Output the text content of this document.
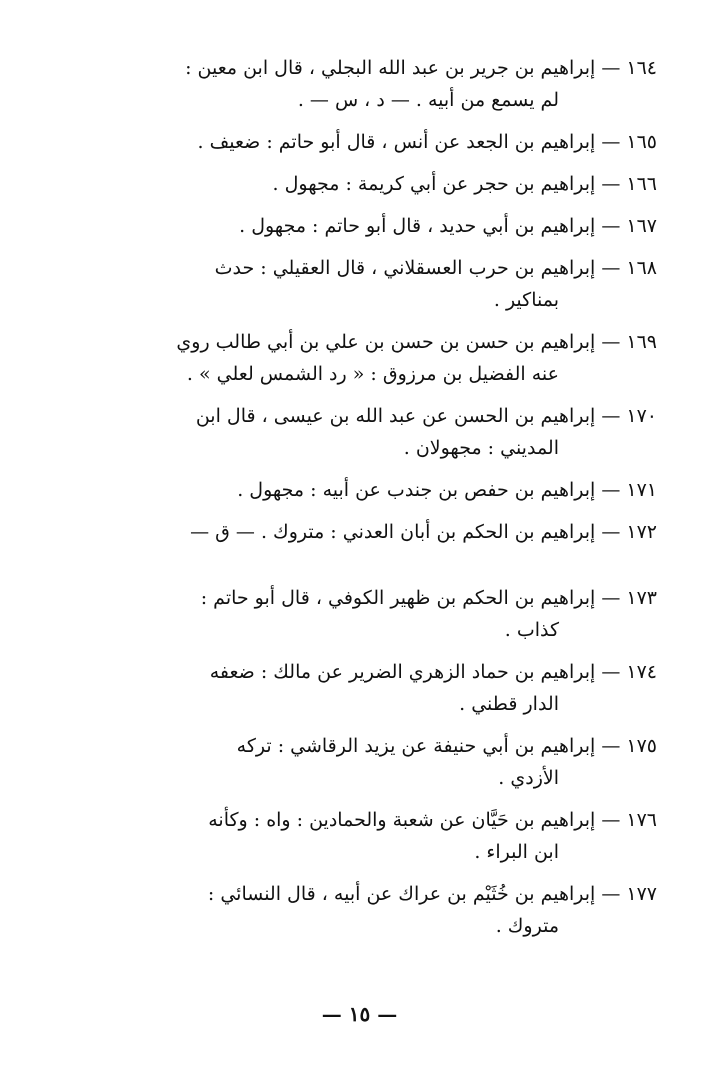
١٦٤ — إبراهيم بن جرير بن عبد الله البجلي ، قال ابن معين :
لم يسمع من أبيه . — د ، س — .
١٦٥ — إبراهيم بن الجعد عن أنس ، قال أبو حاتم : ضعيف .
١٦٦ — إبراهيم بن حجر عن أبي كريمة : مجهول .
١٦٧ — إبراهيم بن أبي حديد ، قال أبو حاتم : مجهول .
١٦٨ — إبراهيم بن حرب العسقلاني ، قال العقيلي : حدث
بمناكير .
١٦٩ — إبراهيم بن حسن بن حسن بن علي بن أبي طالب روي
عنه الفضيل بن مرزوق : « رد الشمس لعلي » .
١٧٠ — إبراهيم بن الحسن عن عبد الله بن عيسى ، قال ابن
المديني : مجهولان .
١٧١ — إبراهيم بن حفص بن جندب عن أبيه : مجهول .
١٧٢ — إبراهيم بن الحكم بن أبان العدني : متروك . — ق —
١٧٣ — إبراهيم بن الحكم بن ظهير الكوفي ، قال أبو حاتم :
كذاب .
١٧٤ — إبراهيم بن حماد الزهري الضرير عن مالك : ضعفه
الدار قطني .
١٧٥ — إبراهيم بن أبي حنيفة عن يزيد الرقاشي : تركه
الأزدي .
١٧٦ — إبراهيم بن حَيَّان عن شعبة والحمادين : واه : وكأنه
ابن البراء .
١٧٧ — إبراهيم بن خُثَيْم بن عراك عن أبيه ، قال النسائي :
متروك .
— ١٥ —
